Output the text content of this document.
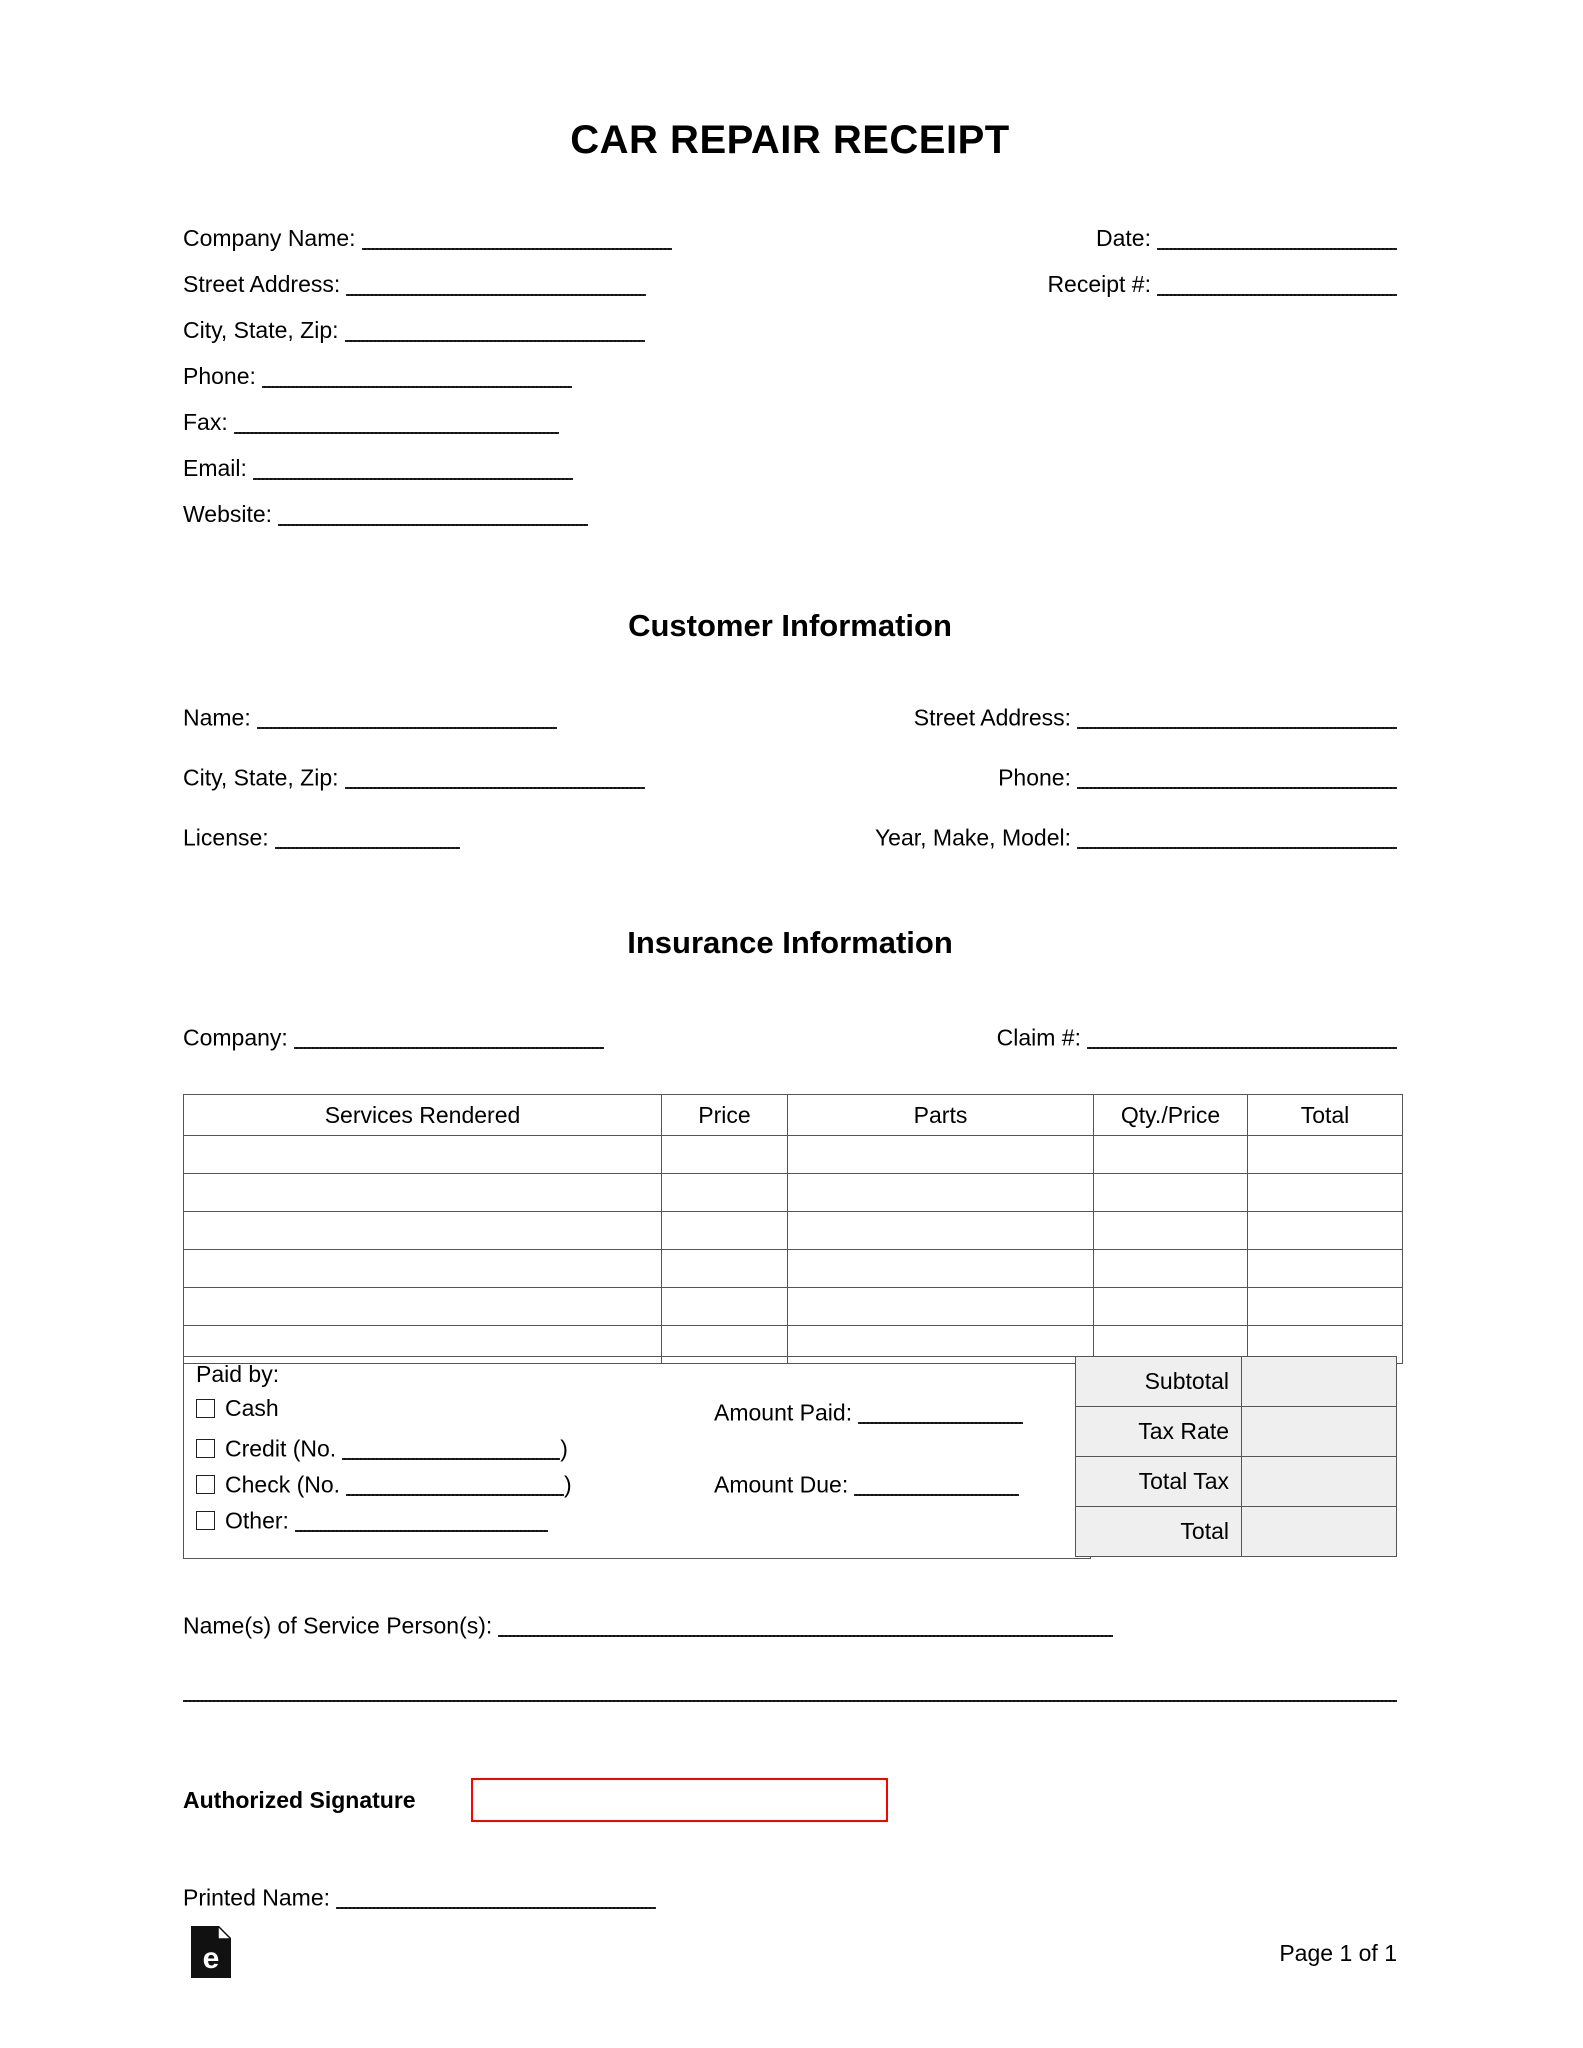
CAR REPAIR RECEIPT
Company Name:
Street Address:
City, State, Zip:
Phone:
Fax:
Email:
Website:
Date:
Receipt #:
Customer Information
Name:	Street Address:
City, State, Zip:	Phone:
License:	Year, Make, Model:
Insurance Information
Company:	Claim #:
Services Rendered	Price	Parts	Qty./Price	Total

Paid by:
Cash
Credit (No.	)
Check (No.	)
Other:
Amount Paid:
Amount Due:
Subtotal	
Tax Rate	
Total Tax	
Total	
Name(s) of Service Person(s):
Authorized Signature
Printed Name:
e	Page 1 of 1
